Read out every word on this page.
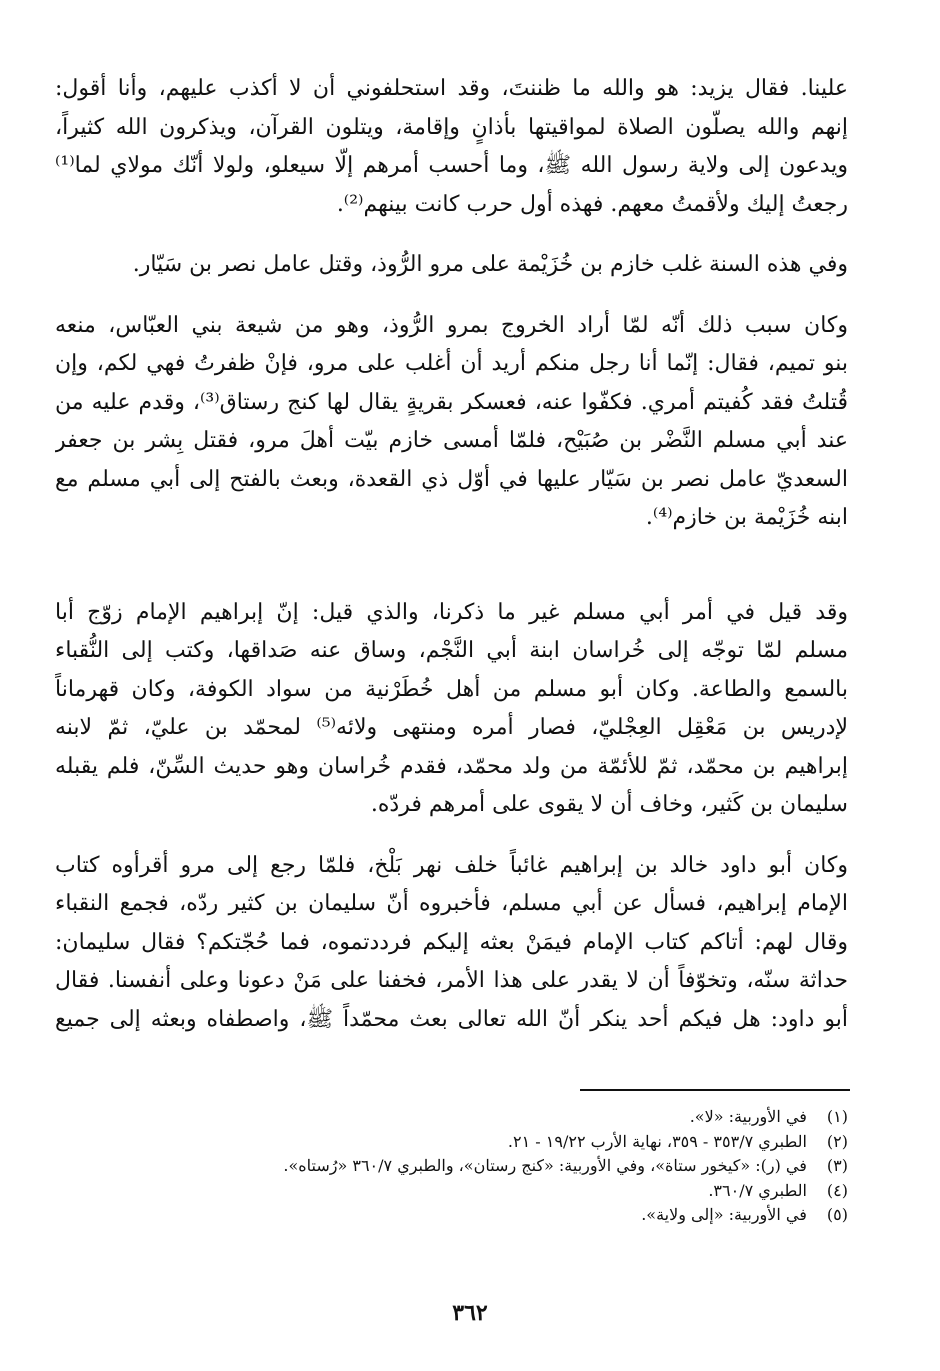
علينا. فقال يزيد: هو والله ما ظننتَ، وقد استحلفوني أن لا أكذب عليهم، وأنا أقول:
إنهم والله يصلّون الصلاة لمواقيتها بأذانٍ وإقامة، ويتلون القرآن، ويذكرون الله كثيراً،
ويدعون إلى ولاية رسول الله ﷺ، وما أحسب أمرهم إلّا سيعلو، ولولا أنّك مولاي لما⁽¹⁾
رجعتُ إليك ولأقمتُ معهم. فهذه أول حرب كانت بينهم⁽²⁾.
وفي هذه السنة غلب خازم بن خُزَيْمة على مرو الرُّوذ، وقتل عامل نصر بن سَيّار.
وكان سبب ذلك أنّه لمّا أراد الخروج بمرو الرُّوذ، وهو من شيعة بني العبّاس، منعه
بنو تميم، فقال: إنّما أنا رجل منكم أريد أن أغلب على مرو، فإنْ ظفرتُ فهي لكم، وإن
قُتلتُ فقد كُفيتم أمري. فكفّوا عنه، فعسكر بقريةٍ يقال لها كنج رستاق⁽³⁾، وقدم عليه من
عند أبي مسلم النَّضْر بن صُبَيْح، فلمّا أمسى خازم بيّت أهلَ مرو، فقتل بِشر بن جعفر
السعديّ عامل نصر بن سَيّار عليها في أوّل ذي القعدة، وبعث بالفتح إلى أبي مسلم مع
ابنه خُزَيْمة بن خازم⁽⁴⁾.
وقد قيل في أمر أبي مسلم غير ما ذكرنا، والذي قيل: إنّ إبراهيم الإمام زوّج أبا
مسلم لمّا توجّه إلى خُراسان ابنة أبي النَّجْم، وساق عنه صَداقها، وكتب إلى النُّقباء
بالسمع والطاعة. وكان أبو مسلم من أهل خُطَرْنية من سواد الكوفة، وكان قهرماناً
لإدريس بن مَعْقِل العِجْليّ، فصار أمره ومنتهى ولائه⁽⁵⁾ لمحمّد بن عليّ، ثمّ لابنه
إبراهيم بن محمّد، ثمّ للأئمّة من ولد محمّد، فقدم خُراسان وهو حديث السِّنّ، فلم يقبله
سليمان بن كَثير، وخاف أن لا يقوى على أمرهم فردّه.
وكان أبو داود خالد بن إبراهيم غائباً خلف نهر بَلْخ، فلمّا رجع إلى مرو أقرأوه كتاب
الإمام إبراهيم، فسأل عن أبي مسلم، فأخبروه أنّ سليمان بن كثير ردّه، فجمع النقباء
وقال لهم: أتاكم كتاب الإمام فيمَنْ بعثه إليكم فرددتموه، فما حُجّتكم؟ فقال سليمان:
حداثة سنّه، وتخوّفاً أن لا يقدر على هذا الأمر، فخفنا على مَنْ دعونا وعلى أنفسنا. فقال
أبو داود: هل فيكم أحد ينكر أنّ الله تعالى بعث محمّداً ﷺ، واصطفاه وبعثه إلى جميع
(١) في الأوربية: «لا».
(٢) الطبري ٣٥٣/٧ - ٣٥٩، نهاية الأرب ١٩/٢٢ - ٢١.
(٣) في (ر): «كيخور ستاة»، وفي الأوربية: «كنج رستان»، والطبري ٣٦٠/٧ «رُستاه».
(٤) الطبري ٣٦٠/٧.
(٥) في الأوربية: «إلى ولاية».
٣٦٢
